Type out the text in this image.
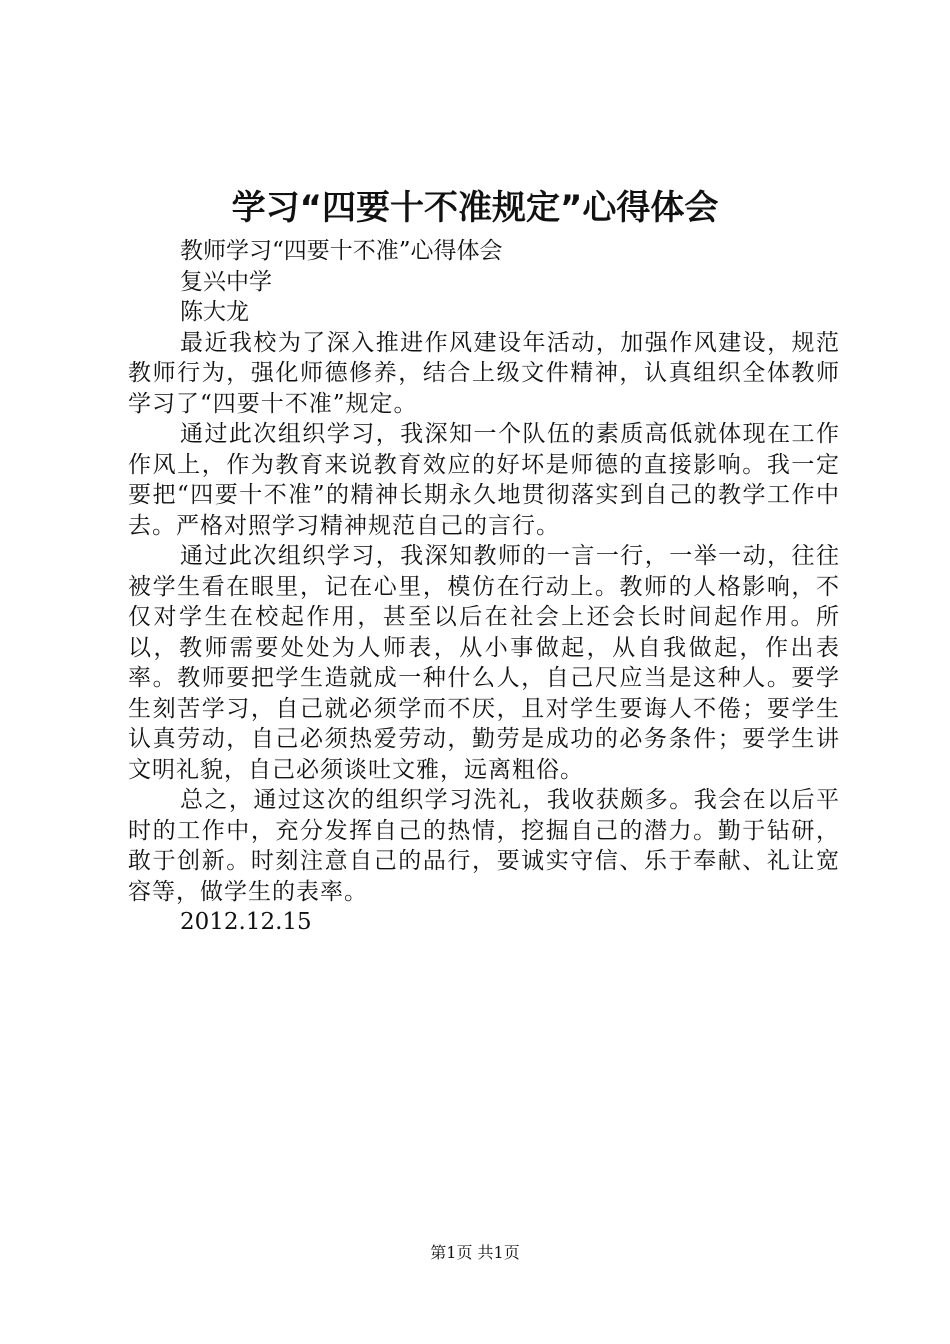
学习“四要十不准规定”心得体会

教师学习“四要十不准”心得体会

复兴中学

陈大龙

最近我校为了深入推进作风建设年活动，加强作风建设，规范教师行为，强化师德修养，结合上级文件精神，认真组织全体教师学习了“四要十不准”规定。

通过此次组织学习，我深知一个队伍的素质高低就体现在工作作风上，作为教育来说教育效应的好坏是师德的直接影响。我一定要把“四要十不准”的精神长期永久地贯彻落实到自己的教学工作中去。严格对照学习精神规范自己的言行。

通过此次组织学习，我深知教师的一言一行，一举一动，往往被学生看在眼里，记在心里，模仿在行动上。教师的人格影响，不仅对学生在校起作用，甚至以后在社会上还会长时间起作用。所以，教师需要处处为人师表，从小事做起，从自我做起，作出表率。教师要把学生造就成一种什么人，自己尺应当是这种人。要学生刻苦学习，自己就必须学而不厌，且对学生要诲人不倦；要学生认真劳动，自己必须热爱劳动，勤劳是成功的必务条件；要学生讲文明礼貌，自己必须谈吐文雅，远离粗俗。

总之，通过这次的组织学习洗礼，我收获颇多。我会在以后平时的工作中，充分发挥自己的热情，挖掘自己的潜力。勤于钻研，敢于创新。时刻注意自己的品行，要诚实守信、乐于奉献、礼让宽容等，做学生的表率。

2012.12.15

第1页 共1页
